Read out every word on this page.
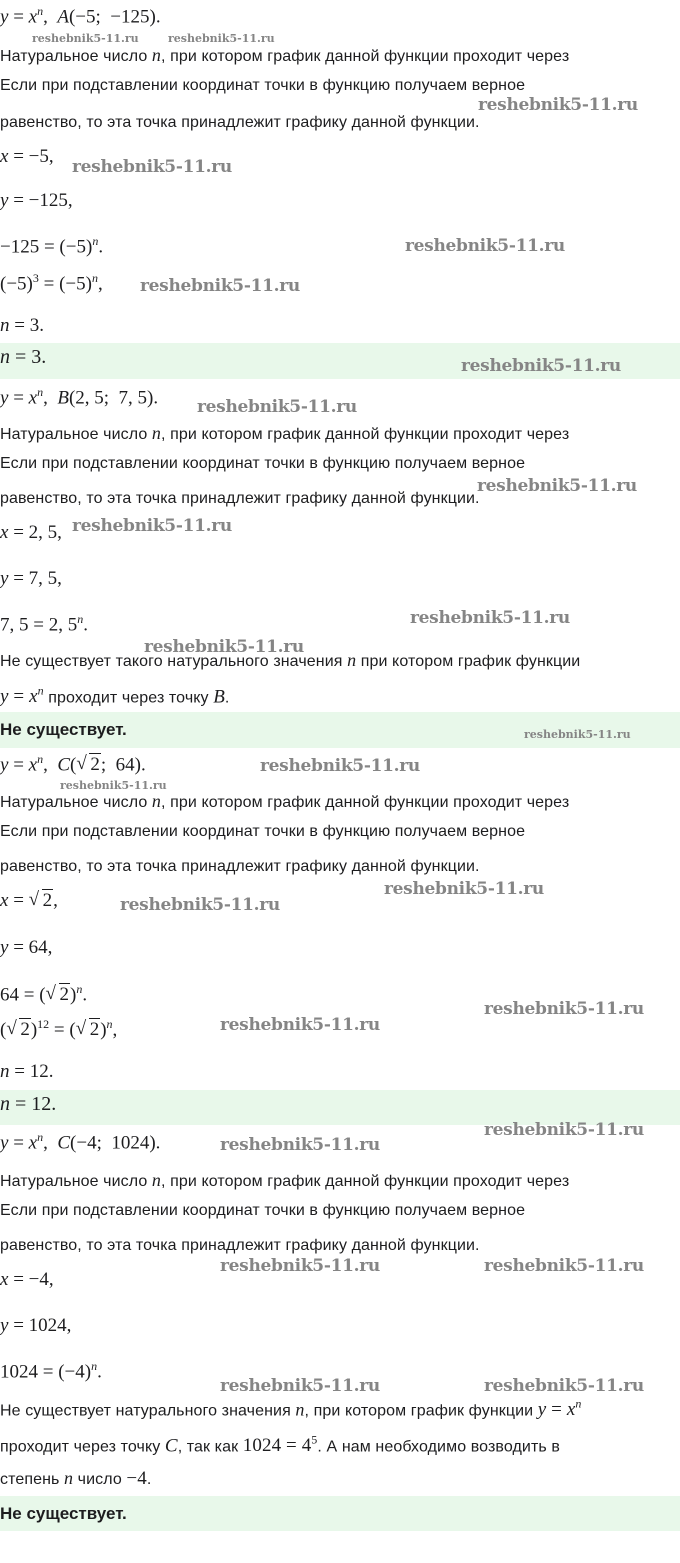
$y = x^n$,  A(−5;  −125).
Натуральное число n, при котором график данной функции проходит через
Если при подставлении координат точки в функцию получаем верное
равенство, то эта точка принадлежит графику данной функции.
x = −5,
y = −125,
$-125 = (-5)^n$.
$(-5)^3 = (-5)^n$,
n = 3.
n = 3.
$y = x^n$,  B(2, 5;  7, 5).
Натуральное число n, при котором график данной функции проходит через
Если при подставлении координат точки в функцию получаем верное
равенство, то эта точка принадлежит графику данной функции.
x = 2, 5,
y = 7, 5,
7, 5 = 2, 5$^n$.
Не существует такого натурального значения n при котором график функции
$y = x^n$ проходит через точку B.
Не существует.
$y = x^n$,  C( √ 2;  64).
Натуральное число n, при котором график данной функции проходит через
Если при подставлении координат точки в функцию получаем верное
равенство, то эта точка принадлежит графику данной функции.
x = √ 2,
y = 64,
64 = ( √ 2)$^n$.
( √ 2)$^{12}$ = ( √ 2)$^n$,
n = 12.
n = 12.
$y = x^n$,  C(−4;  1024).
Натуральное число n, при котором график данной функции проходит через
Если при подставлении координат точки в функцию получаем верное
равенство, то эта точка принадлежит графику данной функции.
x = −4,
y = 1024,
$1024 = (-4)^n$.
Не существует натурального значения n, при котором график функции $y = x^n$
проходит через точку C, так как $1024 = 4^5$. А нам необходимо возводить в
степень n число −4.
Не существует.
reshebnik5-11.ru	reshebnik5-11.ru
reshebnik5-11.ru
reshebnik5-11.ru
reshebnik5-11.ru
reshebnik5-11.ru
reshebnik5-11.ru
reshebnik5-11.ru
reshebnik5-11.ru
reshebnik5-11.ru
reshebnik5-11.ru
reshebnik5-11.ru
reshebnik5-11.ru
reshebnik5-11.ru
reshebnik5-11.ru
reshebnik5-11.ru
reshebnik5-11.ru
reshebnik5-11.ru
reshebnik5-11.ru
reshebnik5-11.ru
reshebnik5-11.ru
reshebnik5-11.ru	reshebnik5-11.ru
reshebnik5-11.ru	reshebnik5-11.ru
